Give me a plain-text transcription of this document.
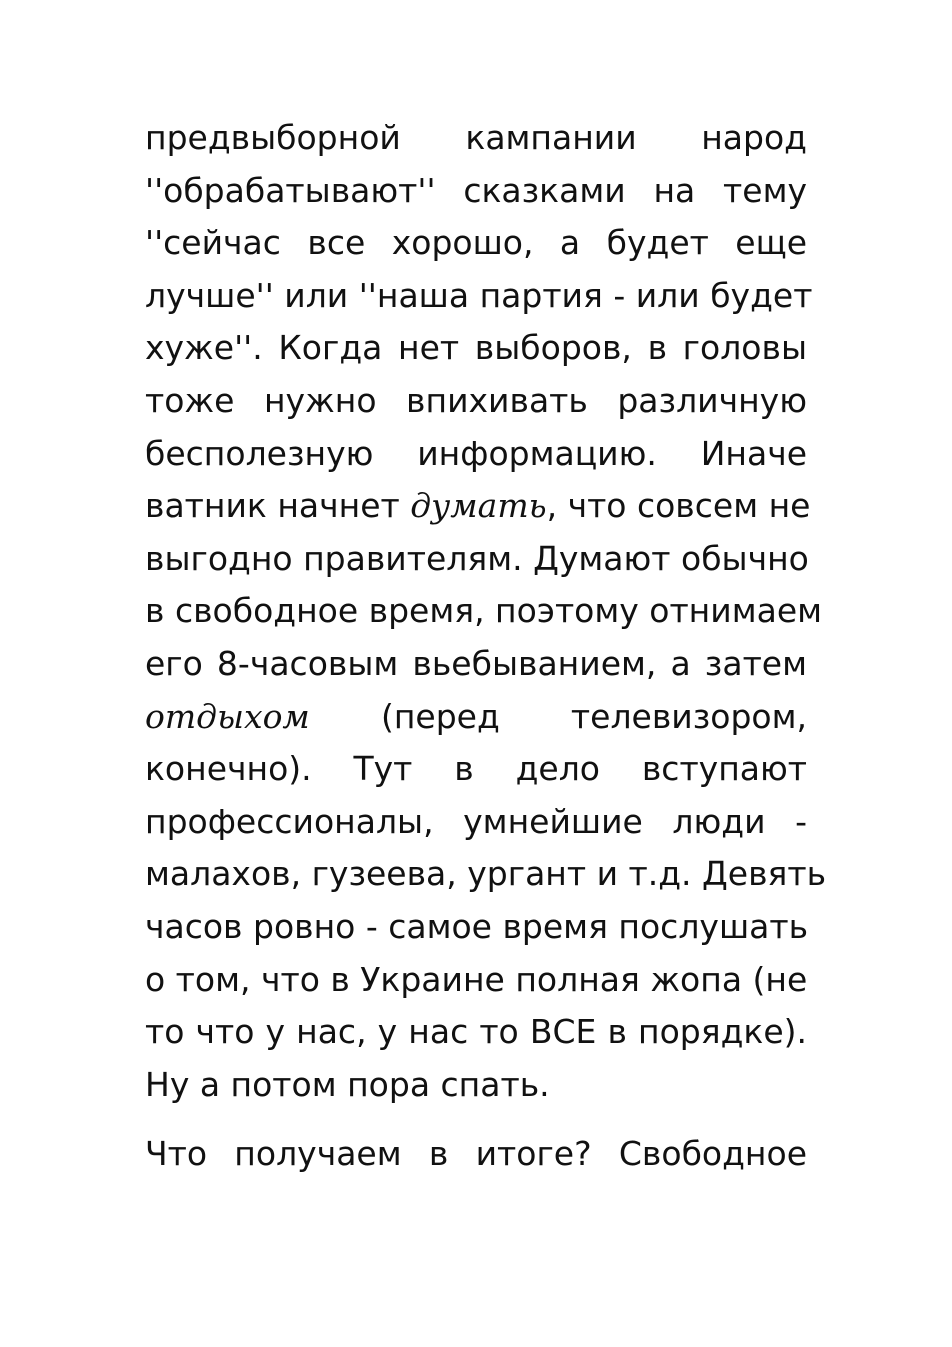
предвыборной кампании народ
''обрабатывают'' сказками на тему
''сейчас все хорошо, а будет еще
лучше'' или ''наша партия - или будет
хуже''. Когда нет выборов, в головы
тоже нужно впихивать различную
бесполезную информацию. Иначе
ватник начнет думать, что совсем не
выгодно правителям. Думают обычно
в свободное время, поэтому отнимаем
его 8-часовым вьебыванием, а затем
отдыхом (перед телевизором,
конечно). Тут в дело вступают
профессионалы, умнейшие люди -
малахов, гузеева, ургант и т.д. Девять
часов ровно - самое время послушать
о том, что в Украине полная жопа (не
то что у нас, у нас то ВСЕ в порядке).
Ну а потом пора спать.
Что получаем в итоге? Свободное
